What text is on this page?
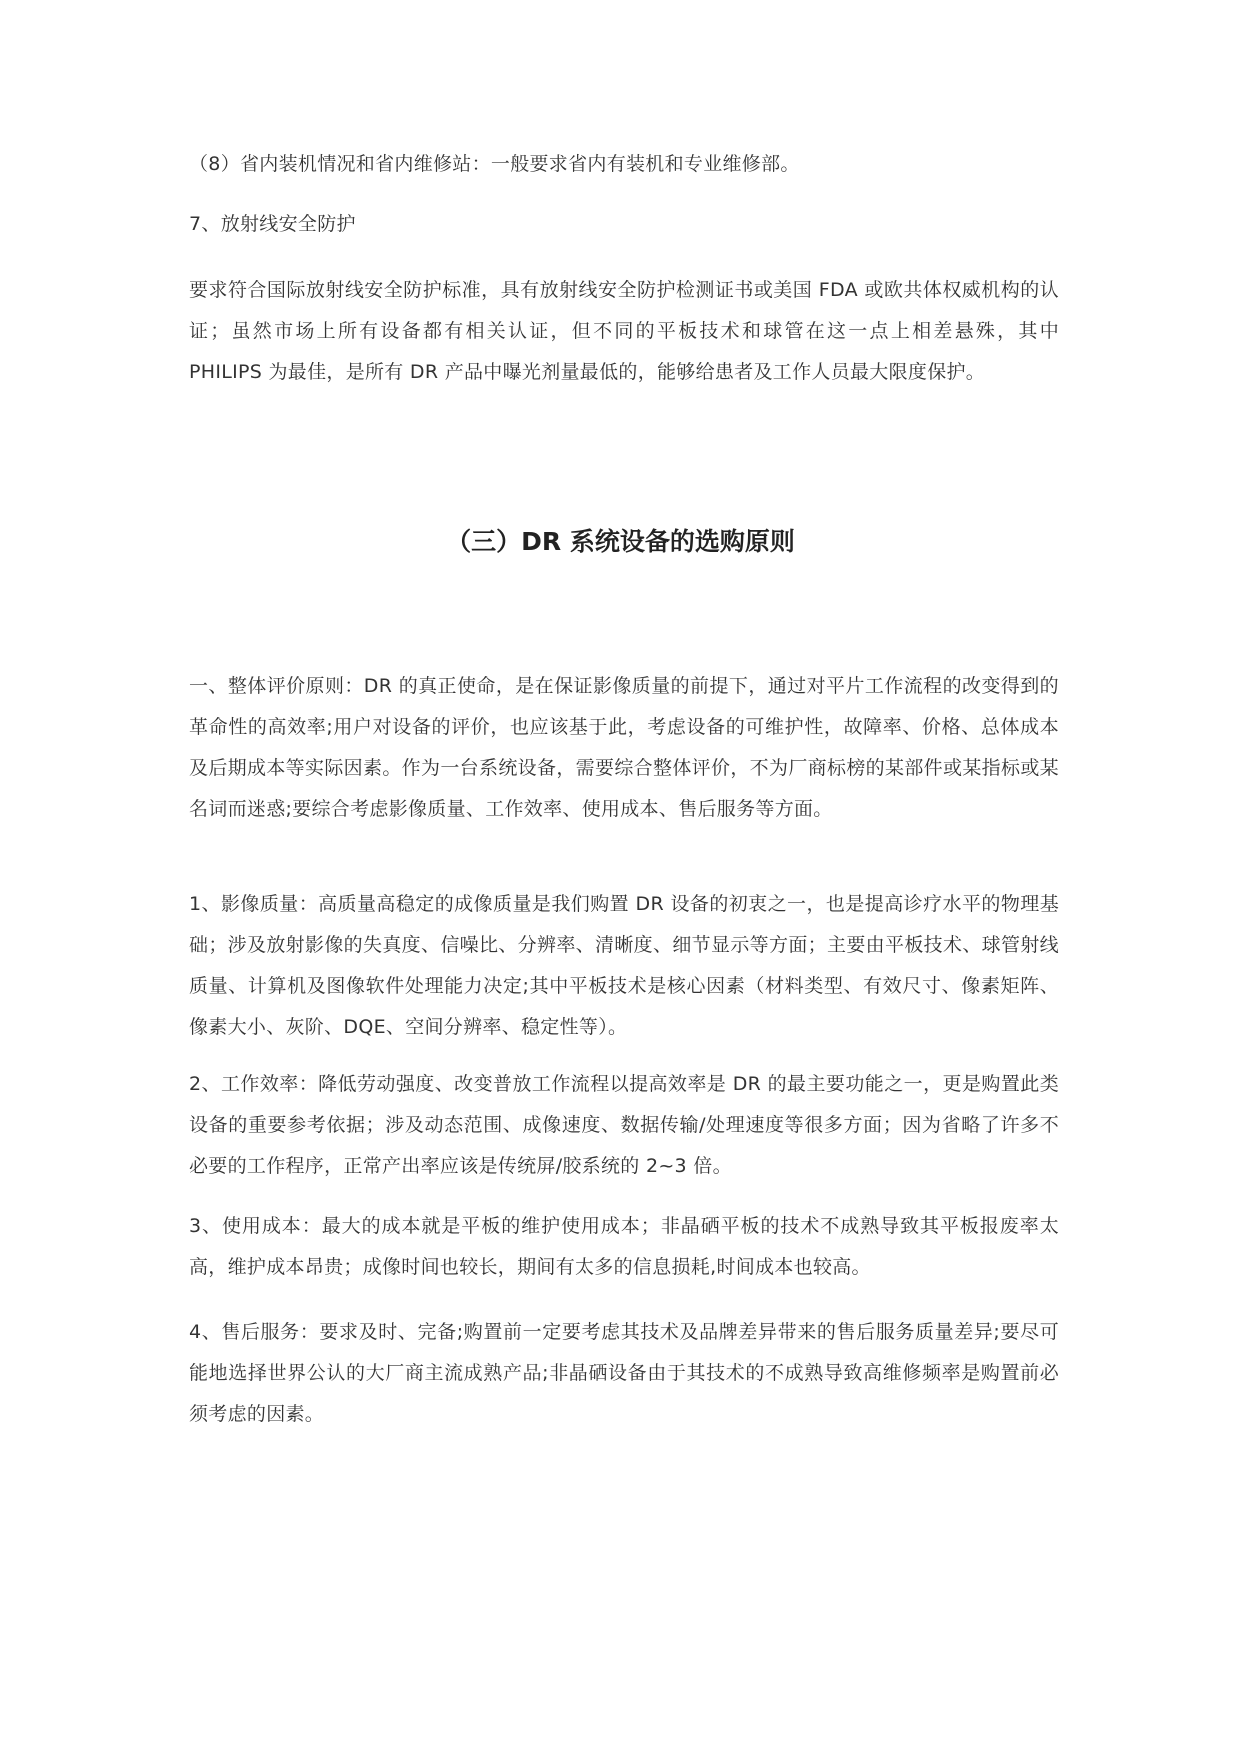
（8）省内装机情况和省内维修站：一般要求省内有装机和专业维修部。

7、放射线安全防护

要求符合国际放射线安全防护标准，具有放射线安全防护检测证书或美国 FDA 或欧共体权威机构的认证；虽然市场上所有设备都有相关认证，但不同的平板技术和球管在这一点上相差悬殊，其中 PHILIPS 为最佳，是所有 DR 产品中曝光剂量最低的，能够给患者及工作人员最大限度保护。

（三）DR 系统设备的选购原则

一、整体评价原则：DR 的真正使命，是在保证影像质量的前提下，通过对平片工作流程的改变得到的革命性的高效率;用户对设备的评价，也应该基于此，考虑设备的可维护性，故障率、价格、总体成本及后期成本等实际因素。作为一台系统设备，需要综合整体评价，不为厂商标榜的某部件或某指标或某名词而迷惑;要综合考虑影像质量、工作效率、使用成本、售后服务等方面。

1、影像质量：高质量高稳定的成像质量是我们购置 DR 设备的初衷之一，也是提高诊疗水平的物理基础；涉及放射影像的失真度、信噪比、分辨率、清晰度、细节显示等方面；主要由平板技术、球管射线质量、计算机及图像软件处理能力决定;其中平板技术是核心因素（材料类型、有效尺寸、像素矩阵、像素大小、灰阶、DQE、空间分辨率、稳定性等）。

2、工作效率：降低劳动强度、改变普放工作流程以提高效率是 DR 的最主要功能之一，更是购置此类设备的重要参考依据；涉及动态范围、成像速度、数据传输/处理速度等很多方面；因为省略了许多不必要的工作程序，正常产出率应该是传统屏/胶系统的 2~3 倍。

3、使用成本：最大的成本就是平板的维护使用成本；非晶硒平板的技术不成熟导致其平板报废率太高，维护成本昂贵；成像时间也较长，期间有太多的信息损耗,时间成本也较高。

4、售后服务：要求及时、完备;购置前一定要考虑其技术及品牌差异带来的售后服务质量差异;要尽可能地选择世界公认的大厂商主流成熟产品;非晶硒设备由于其技术的不成熟导致高维修频率是购置前必须考虑的因素。
